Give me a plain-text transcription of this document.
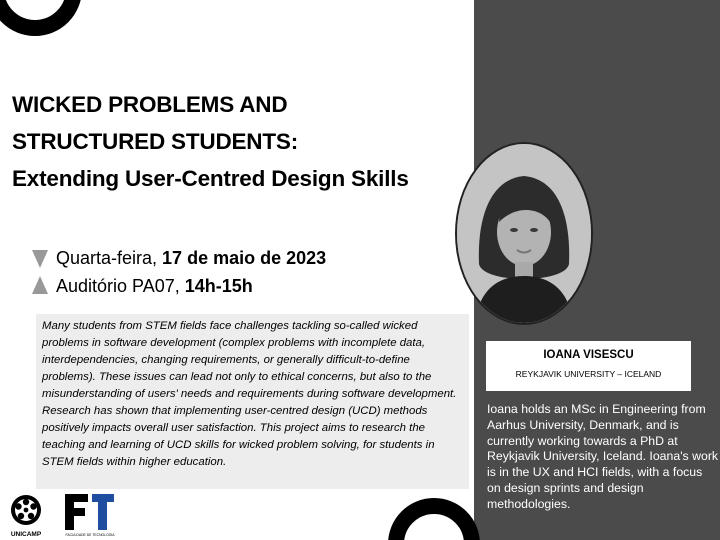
WICKED PROBLEMS AND
STRUCTURED STUDENTS:
Extending User-Centred Design Skills
Quarta-feira, 17 de maio de 2023
Auditório PA07, 14h-15h
Many students from STEM fields face challenges tackling so-called wicked problems in software development (complex problems with incomplete data, interdependencies, changing requirements, or generally difficult-to-define problems). These issues can lead not only to ethical concerns, but also to the misunderstanding of users' needs and requirements during software development. Research has shown that implementing user-centred design (UCD) methods positively impacts overall user satisfaction. This project aims to research the teaching and learning of UCD skills for wicked problem solving, for students in STEM fields within higher education.
UNICAMP	FACULDADE DE TECNOLOGIA
IOANA VISESCU
REYKJAVIK UNIVERSITY – ICELAND
Ioana holds an MSc in Engineering from Aarhus University, Denmark, and is currently working towards a PhD at Reykjavik University, Iceland. Ioana's work is in the UX and HCI fields, with a focus on design sprints and design methodologies.
